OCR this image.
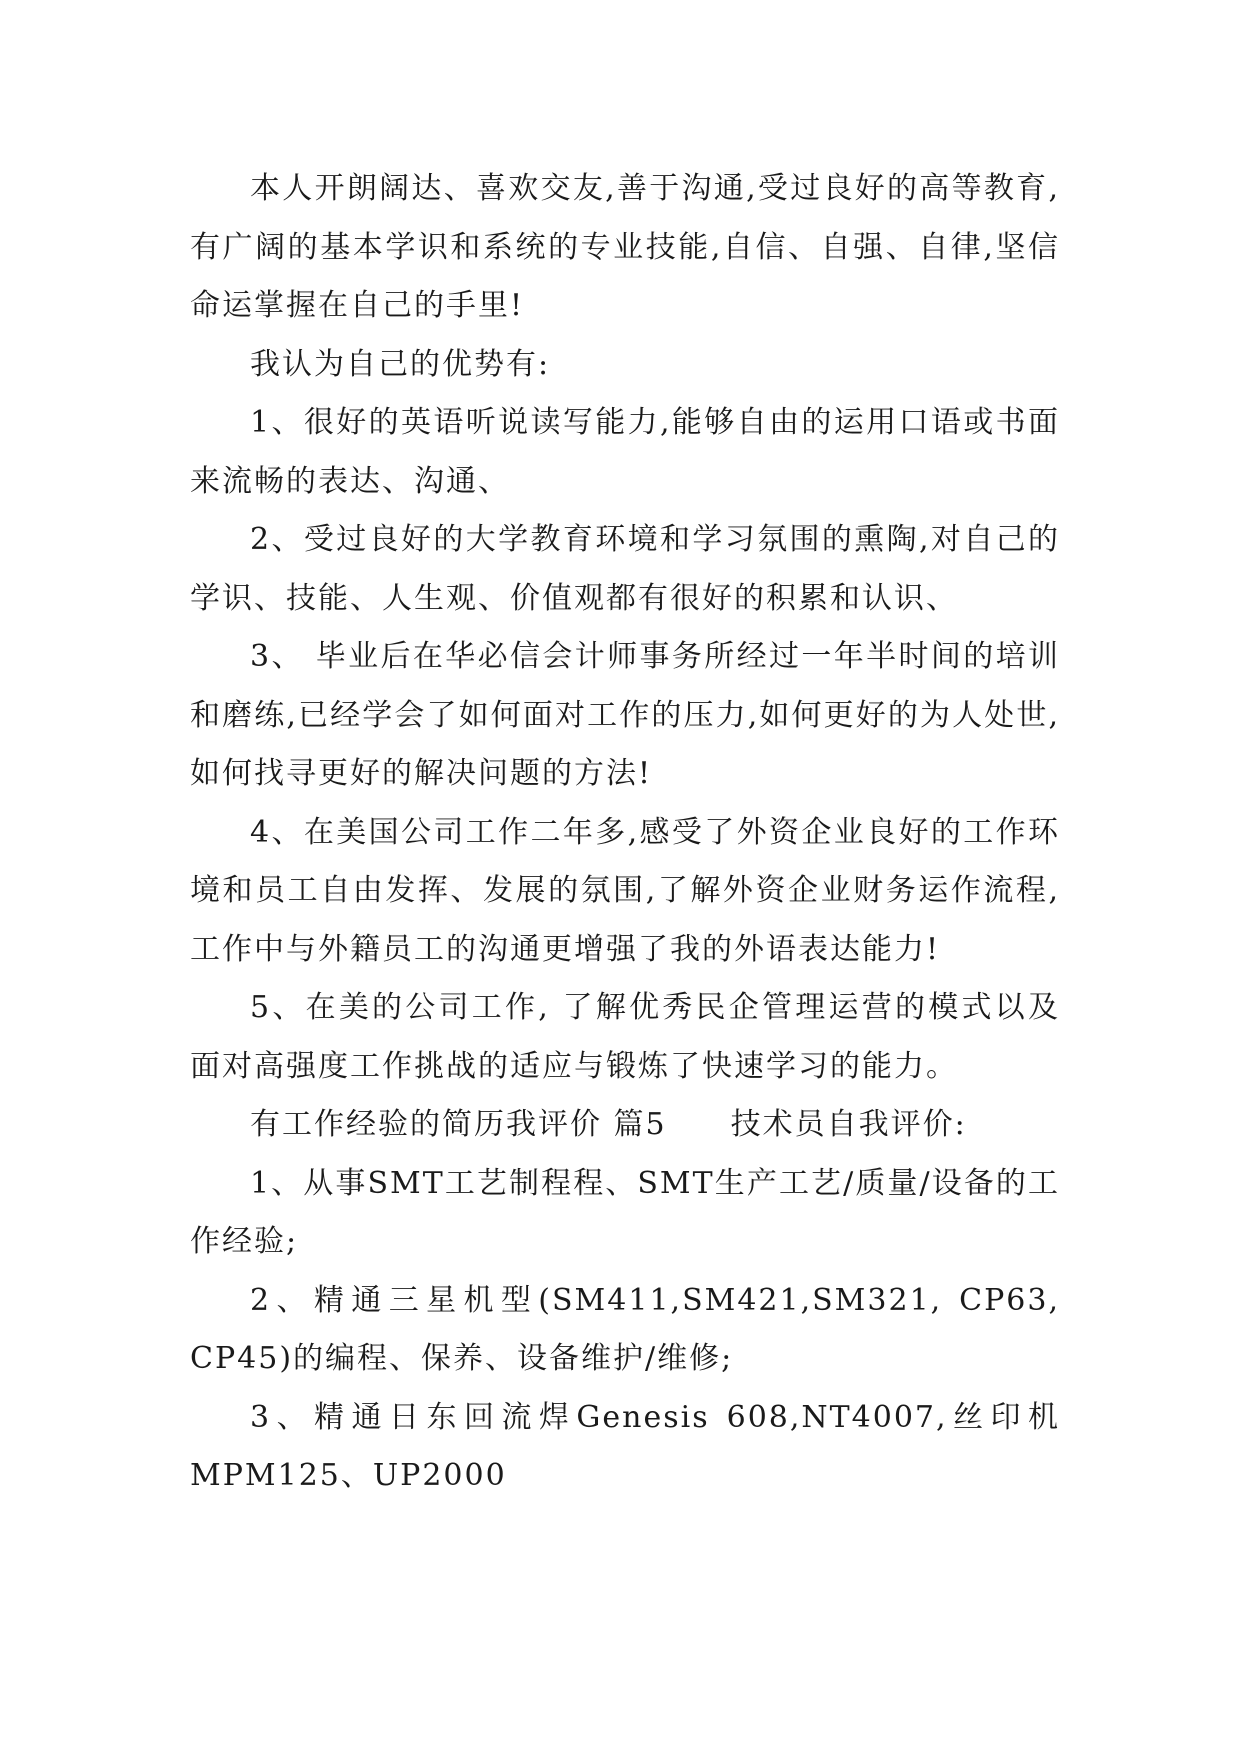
本人开朗阔达、喜欢交友,善于沟通,受过良好的高等教育,有广阔的基本学识和系统的专业技能,自信、自强、自律,坚信命运掌握在自己的手里!

我认为自己的优势有:

1、很好的英语听说读写能力,能够自由的运用口语或书面来流畅的表达、沟通、

2、受过良好的大学教育环境和学习氛围的熏陶,对自己的学识、技能、人生观、价值观都有很好的积累和认识、

3、 毕业后在华必信会计师事务所经过一年半时间的培训和磨练,已经学会了如何面对工作的压力,如何更好的为人处世,如何找寻更好的解决问题的方法!

4、在美国公司工作二年多,感受了外资企业良好的工作环境和员工自由发挥、发展的氛围,了解外资企业财务运作流程, 工作中与外籍员工的沟通更增强了我的外语表达能力!

5、在美的公司工作, 了解优秀民企管理运营的模式以及面对高强度工作挑战的适应与锻炼了快速学习的能力。

有工作经验的简历我评价 篇5　　技术员自我评价:

1、从事SMT工艺制程程、SMT生产工艺/质量/设备的工作经验;

2、精通三星机型(SM411,SM421,SM321, CP63, CP45)的编程、保养、设备维护/维修;

3、精通日东回流焊Genesis 608,NT4007,丝印机MPM125、UP2000
